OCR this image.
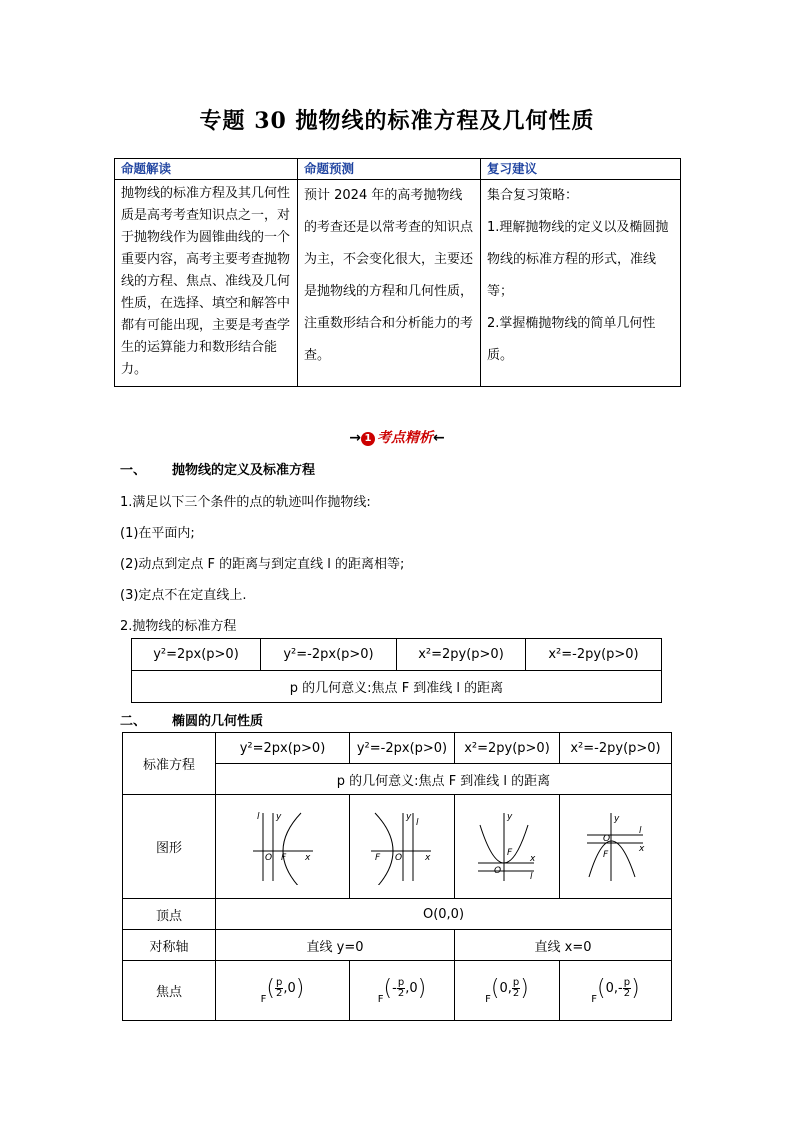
专题 30 抛物线的标准方程及几何性质
命题解读	命题预测	复习建议
抛物线的标准方程及其几何性质是高考考查知识点之一，对于抛物线作为圆锥曲线的一个重要内容，高考主要考查抛物线的方程、焦点、准线及几何性质，在选择、填空和解答中都有可能出现，主要是考查学生的运算能力和数形结合能力。	预计 2024 年的高考抛物线的考查还是以常考查的知识点为主，不会变化很大，主要还是抛物线的方程和几何性质，注重数形结合和分析能力的考查。	集合复习策略：
1.理解抛物线的定义以及椭圆抛物线的标准方程的形式，准线等；
2.掌握椭抛物线的简单几何性质。
→ 1 考点精析←
一、 抛物线的定义及标准方程
1.满足以下三个条件的点的轨迹叫作抛物线:
(1)在平面内;
(2)动点到定点 F 的距离与到定直线 l 的距离相等;
(3)定点不在定直线上.
2.抛物线的标准方程
y²=2px(p>0)	y²=-2px(p>0)	x²=2py(p>0)	x²=-2py(p>0)
p 的几何意义:焦点 F 到准线 l 的距离
二、 椭圆的几何性质
标准方程	y²=2px(p>0)	y²=-2px(p>0)	x²=2py(p>0)	x²=-2py(p>0)
	p 的几何意义:焦点 F 到准线 l 的距离			
图形	l y
x
O F	l
y
x
O
F	y
x
O
F
l	y
x
O
F
l

顶点	O(0,0)			
对称轴	直线 y=0		直线 x=0	
焦点	$_F( \frac{p}{2} ,0)$	$_F(- \frac{p}{2} ,0)$	$_F$(0, $\frac{p}{2}$ )	$_F(0,- \frac{p}{2}$ )
